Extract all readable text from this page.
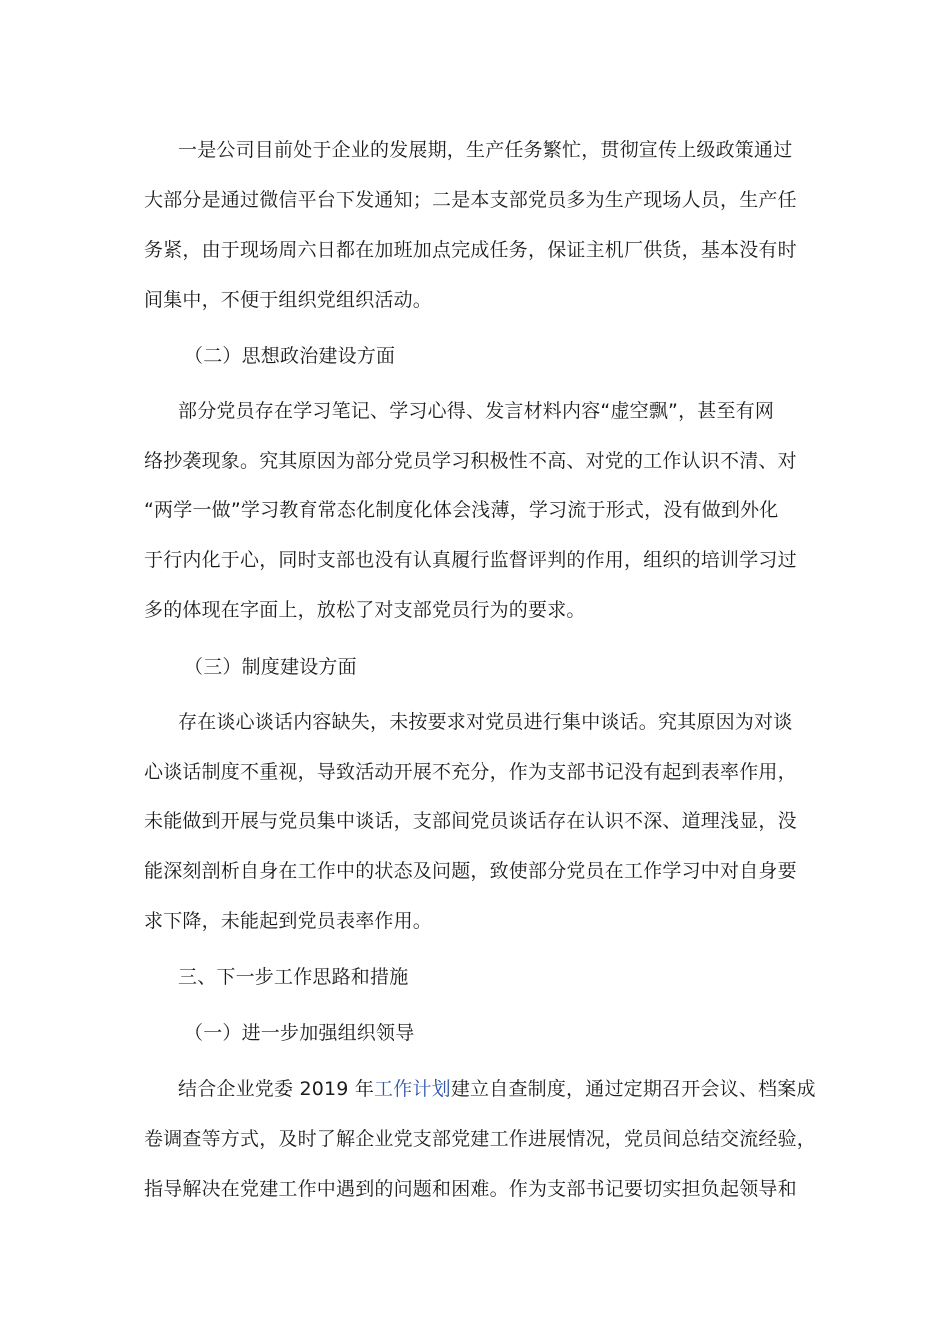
一是公司目前处于企业的发展期，生产任务繁忙，贯彻宣传上级政策通过
大部分是通过微信平台下发通知；二是本支部党员多为生产现场人员，生产任
务紧，由于现场周六日都在加班加点完成任务，保证主机厂供货，基本没有时
间集中，不便于组织党组织活动。
（二）思想政治建设方面
部分党员存在学习笔记、学习心得、发言材料内容“虚空飘”，甚至有网
络抄袭现象。究其原因为部分党员学习积极性不高、对党的工作认识不清、对
“两学一做”学习教育常态化制度化体会浅薄，学习流于形式，没有做到外化
于行内化于心，同时支部也没有认真履行监督评判的作用，组织的培训学习过
多的体现在字面上，放松了对支部党员行为的要求。
（三）制度建设方面
存在谈心谈话内容缺失，未按要求对党员进行集中谈话。究其原因为对谈
心谈话制度不重视，导致活动开展不充分，作为支部书记没有起到表率作用，
未能做到开展与党员集中谈话，支部间党员谈话存在认识不深、道理浅显，没
能深刻剖析自身在工作中的状态及问题，致使部分党员在工作学习中对自身要
求下降，未能起到党员表率作用。
三、下一步工作思路和措施
（一）进一步加强组织领导
结合企业党委 2019 年工作计划建立自查制度，通过定期召开会议、档案成
卷调查等方式，及时了解企业党支部党建工作进展情况，党员间总结交流经验，
指导解决在党建工作中遇到的问题和困难。作为支部书记要切实担负起领导和
